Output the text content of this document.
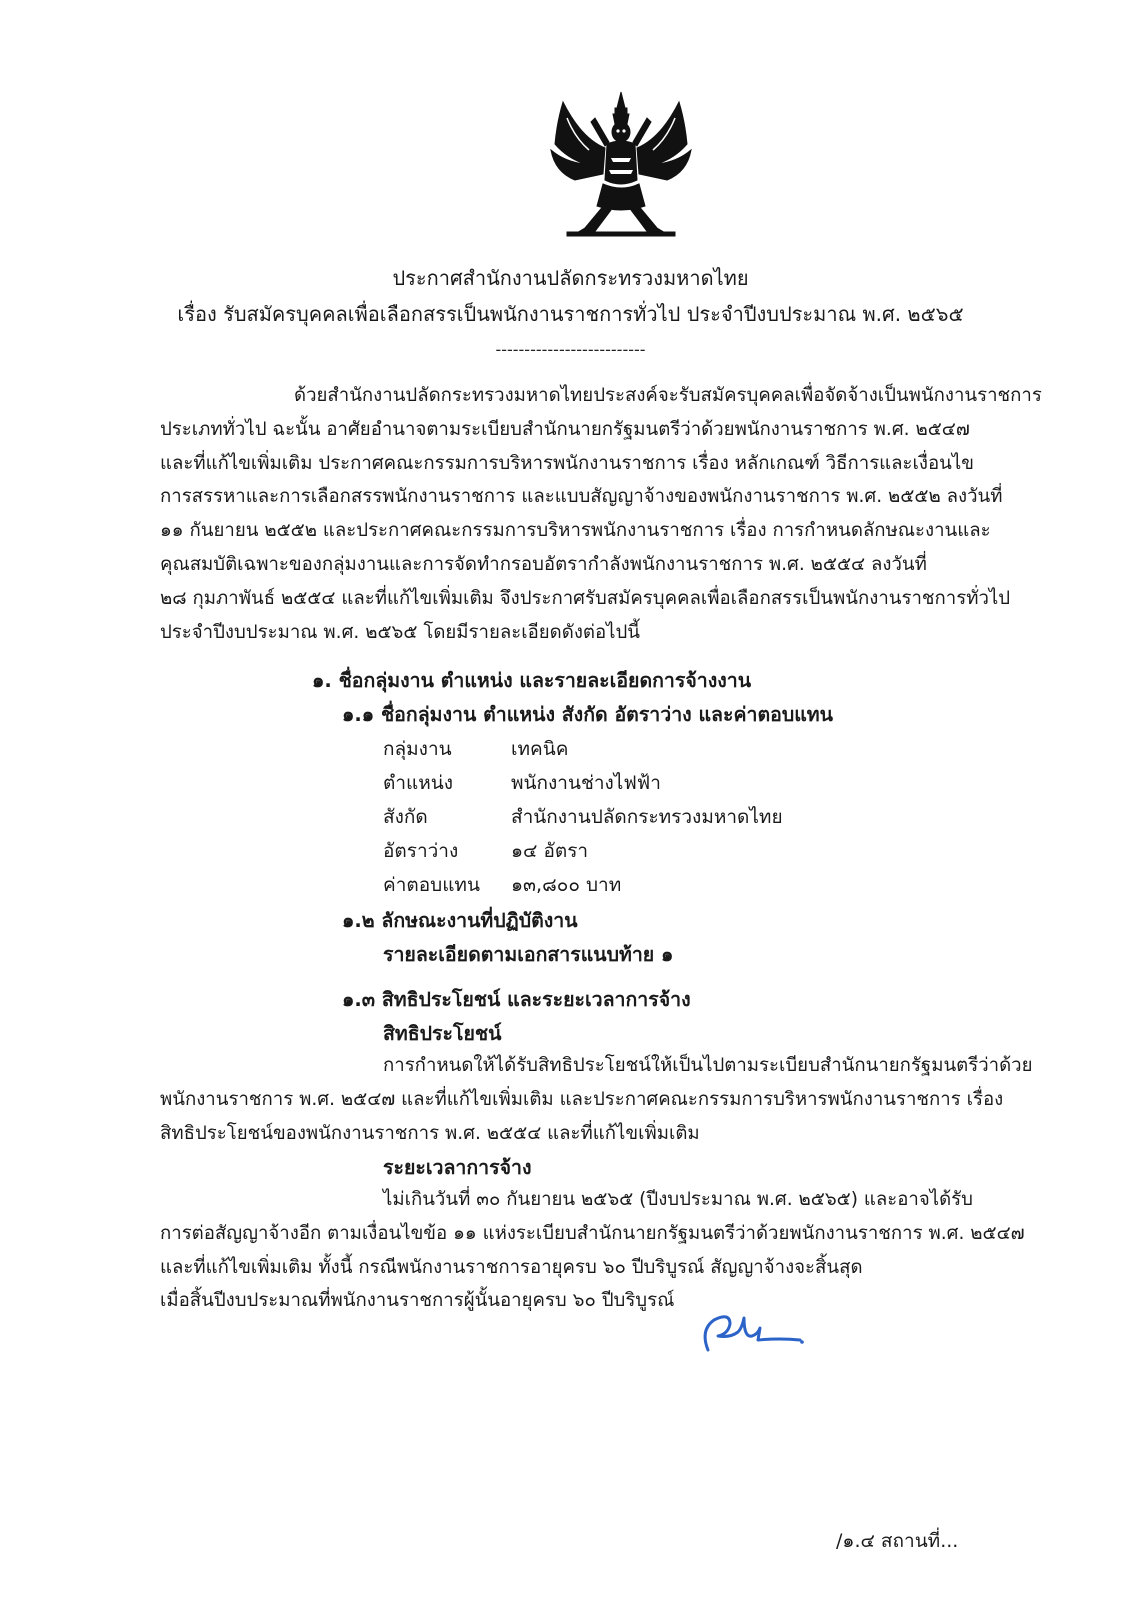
ประกาศสำนักงานปลัดกระทรวงมหาดไทย
เรื่อง รับสมัครบุคคลเพื่อเลือกสรรเป็นพนักงานราชการทั่วไป ประจำปีงบประมาณ พ.ศ. ๒๕๖๕
--------------------------
ด้วยสำนักงานปลัดกระทรวงมหาดไทยประสงค์จะรับสมัครบุคคลเพื่อจัดจ้างเป็นพนักงานราชการ
ประเภททั่วไป ฉะนั้น อาศัยอำนาจตามระเบียบสำนักนายกรัฐมนตรีว่าด้วยพนักงานราชการ พ.ศ. ๒๕๔๗
และที่แก้ไขเพิ่มเติม ประกาศคณะกรรมการบริหารพนักงานราชการ เรื่อง หลักเกณฑ์ วิธีการและเงื่อนไข
การสรรหาและการเลือกสรรพนักงานราชการ และแบบสัญญาจ้างของพนักงานราชการ พ.ศ. ๒๕๕๒ ลงวันที่
๑๑ กันยายน ๒๕๕๒ และประกาศคณะกรรมการบริหารพนักงานราชการ เรื่อง การกำหนดลักษณะงานและ
คุณสมบัติเฉพาะของกลุ่มงานและการจัดทำกรอบอัตรากำลังพนักงานราชการ พ.ศ. ๒๕๕๔ ลงวันที่
๒๘ กุมภาพันธ์ ๒๕๕๔ และที่แก้ไขเพิ่มเติม จึงประกาศรับสมัครบุคคลเพื่อเลือกสรรเป็นพนักงานราชการทั่วไป
ประจำปีงบประมาณ พ.ศ. ๒๕๖๕ โดยมีรายละเอียดดังต่อไปนี้
๑. ชื่อกลุ่มงาน ตำแหน่ง และรายละเอียดการจ้างงาน
๑.๑ ชื่อกลุ่มงาน ตำแหน่ง สังกัด อัตราว่าง และค่าตอบแทน
กลุ่มงาน	เทคนิค
ตำแหน่ง	พนักงานช่างไฟฟ้า
สังกัด	สำนักงานปลัดกระทรวงมหาดไทย
อัตราว่าง	๑๔ อัตรา
ค่าตอบแทน ๑๓,๘๐๐ บาท
๑.๒ ลักษณะงานที่ปฏิบัติงาน
รายละเอียดตามเอกสารแนบท้าย ๑
๑.๓ สิทธิประโยชน์ และระยะเวลาการจ้าง
สิทธิประโยชน์
การกำหนดให้ได้รับสิทธิประโยชน์ให้เป็นไปตามระเบียบสำนักนายกรัฐมนตรีว่าด้วย
พนักงานราชการ พ.ศ. ๒๕๔๗ และที่แก้ไขเพิ่มเติม และประกาศคณะกรรมการบริหารพนักงานราชการ เรื่อง
สิทธิประโยชน์ของพนักงานราชการ พ.ศ. ๒๕๕๔ และที่แก้ไขเพิ่มเติม
ระยะเวลาการจ้าง
ไม่เกินวันที่ ๓๐ กันยายน ๒๕๖๕ (ปีงบประมาณ พ.ศ. ๒๕๖๕) และอาจได้รับ
การต่อสัญญาจ้างอีก ตามเงื่อนไขข้อ ๑๑ แห่งระเบียบสำนักนายกรัฐมนตรีว่าด้วยพนักงานราชการ พ.ศ. ๒๕๔๗
และที่แก้ไขเพิ่มเติม ทั้งนี้ กรณีพนักงานราชการอายุครบ ๖๐ ปีบริบูรณ์ สัญญาจ้างจะสิ้นสุด
เมื่อสิ้นปีงบประมาณที่พนักงานราชการผู้นั้นอายุครบ ๖๐ ปีบริบูรณ์
/๑.๔ สถานที่...
